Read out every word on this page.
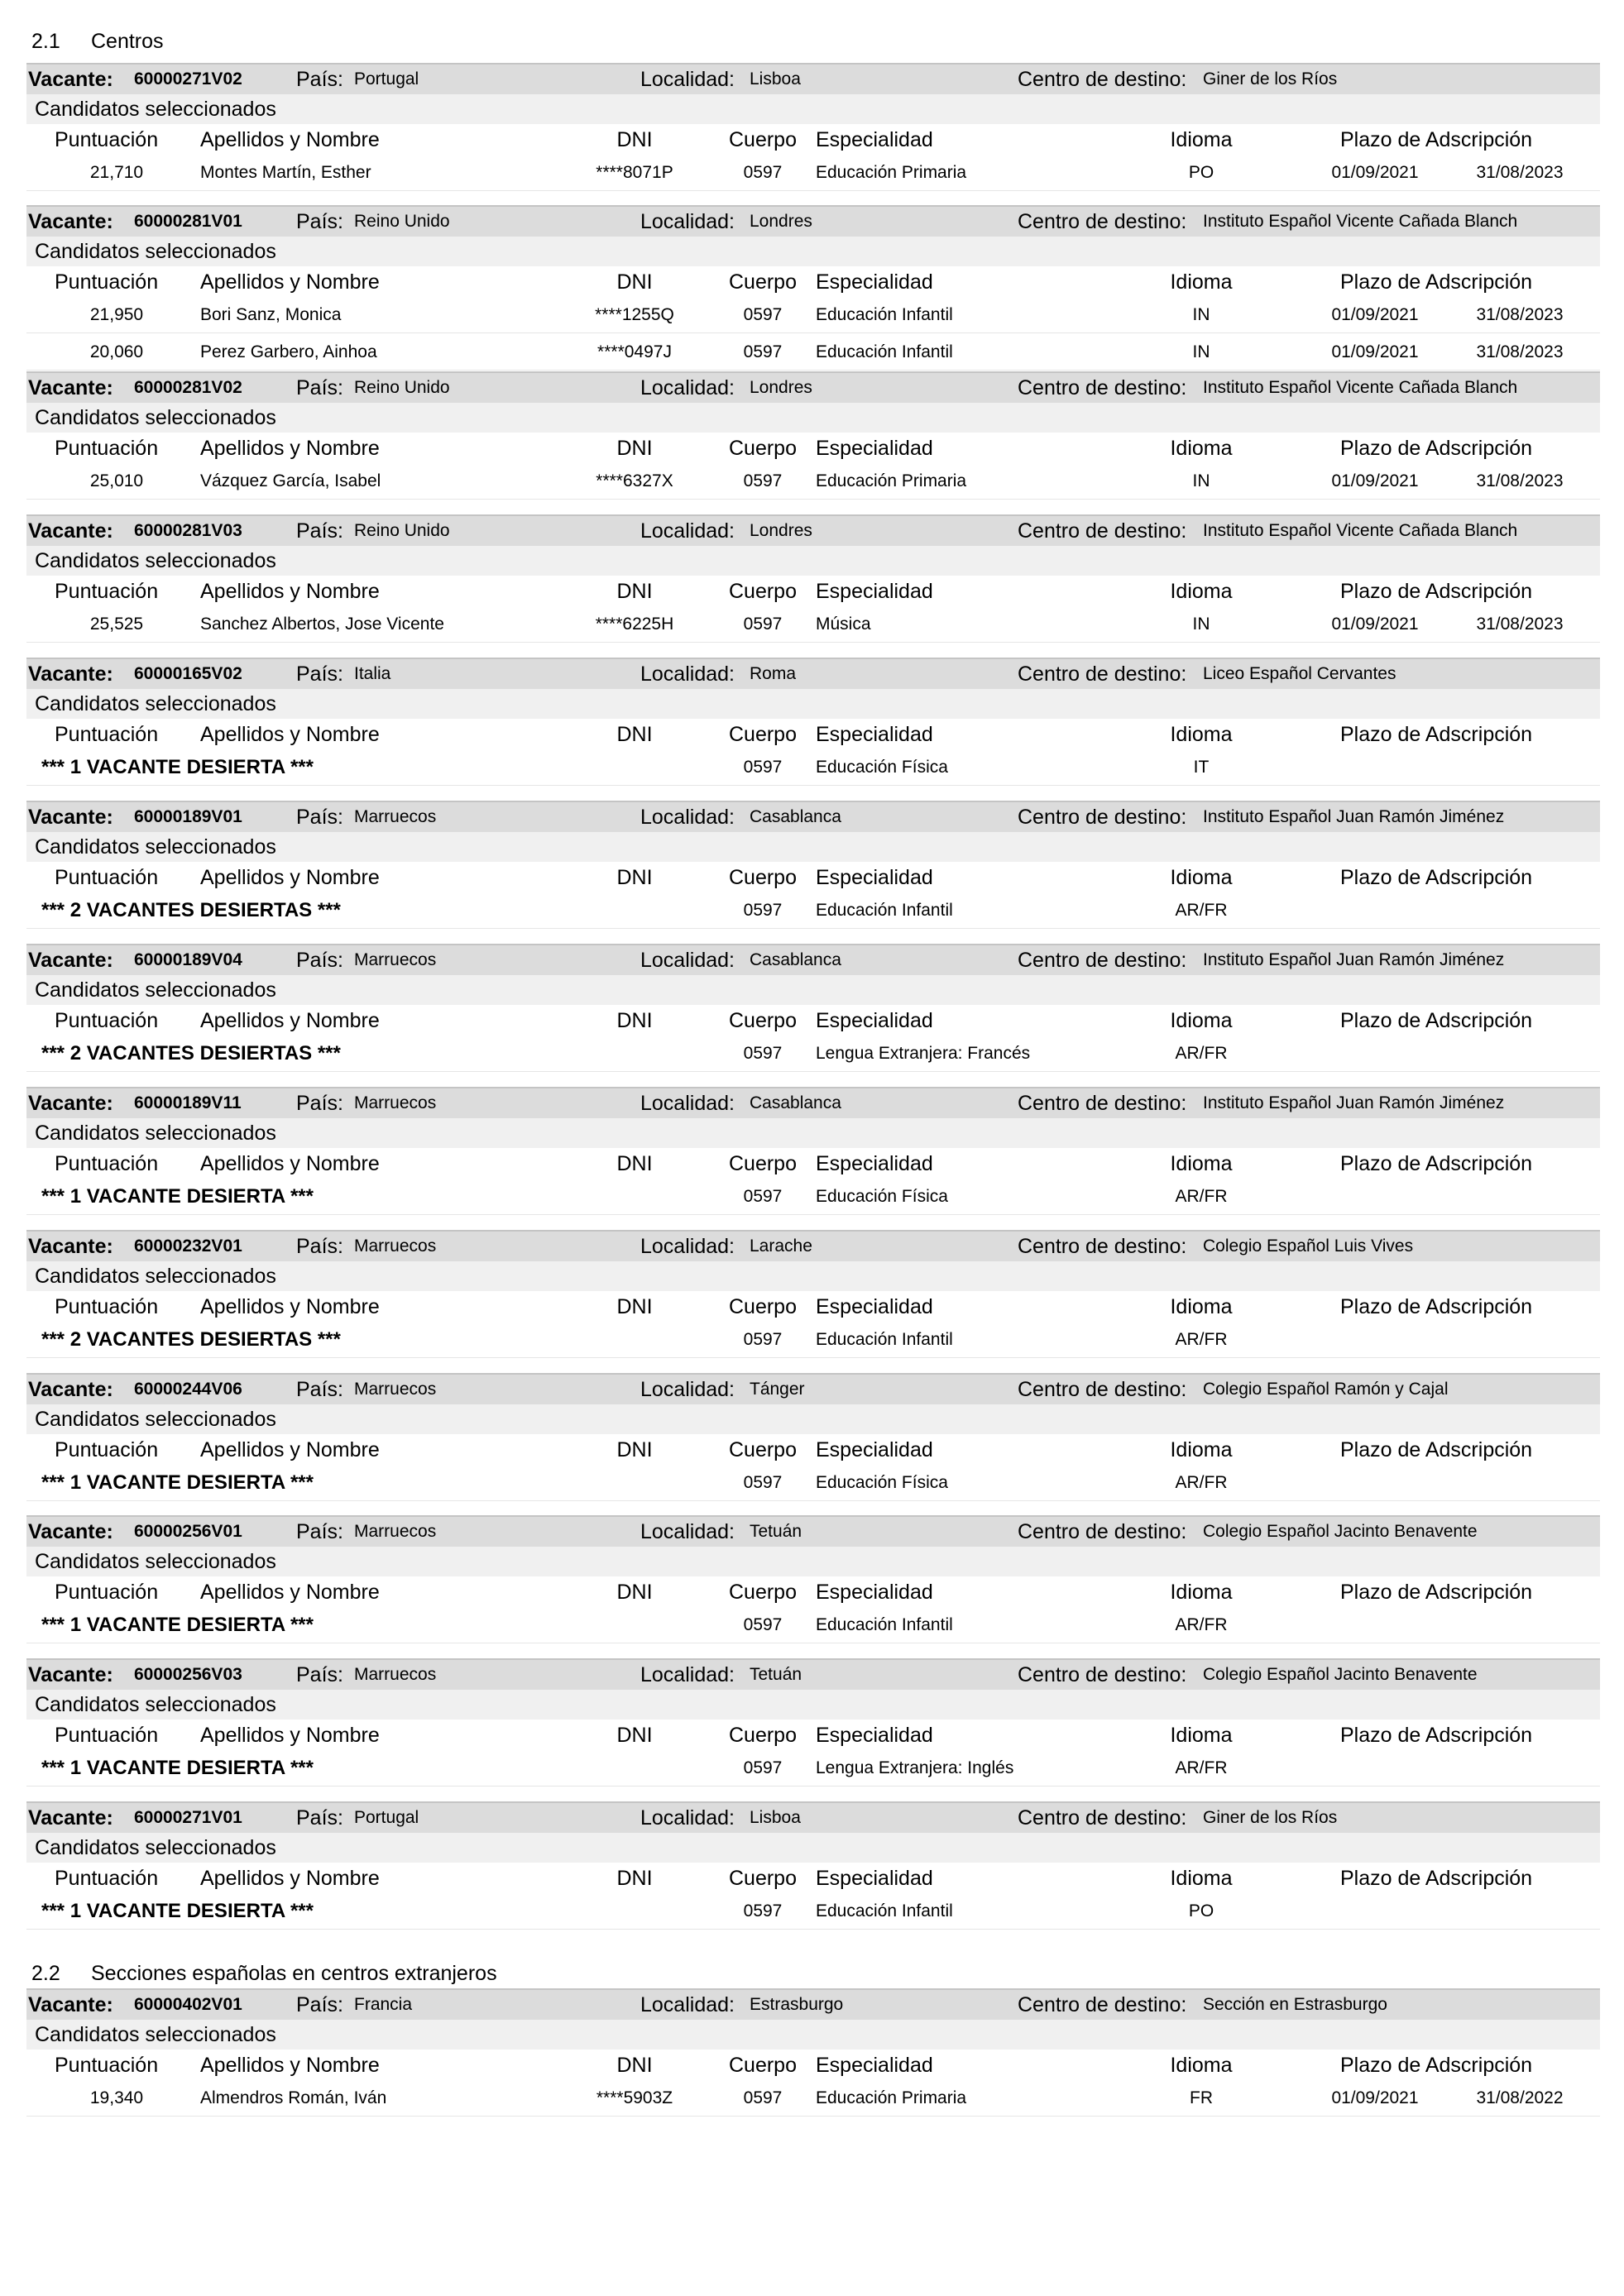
2.1 Centros
Vacante: 60000271V02	País: Portugal	Localidad: Lisboa	Centro de destino: Giner de los Ríos
Candidatos seleccionados
Puntuación	Apellidos y Nombre	DNI	Cuerpo Especialidad	Idioma	Plazo de Adscripción
21,710	Montes Martín, Esther	****8071P	0597	Educación Primaria	PO	01/09/2021	31/08/2023
Vacante: 60000281V01	País: Reino Unido	Localidad: Londres	Centro de destino: Instituto Español Vicente Cañada Blanch
Candidatos seleccionados
Puntuación	Apellidos y Nombre	DNI	Cuerpo Especialidad	Idioma	Plazo de Adscripción
21,950	Bori Sanz, Monica	****1255Q	0597	Educación Infantil	IN	01/09/2021	31/08/2023
20,060	Perez Garbero, Ainhoa	****0497J	0597	Educación Infantil	IN	01/09/2021	31/08/2023
Vacante: 60000281V02	País: Reino Unido	Localidad: Londres	Centro de destino: Instituto Español Vicente Cañada Blanch
Candidatos seleccionados
Puntuación	Apellidos y Nombre	DNI	Cuerpo Especialidad	Idioma	Plazo de Adscripción
25,010	Vázquez García, Isabel	****6327X	0597	Educación Primaria	IN	01/09/2021	31/08/2023
Vacante: 60000281V03	País: Reino Unido	Localidad: Londres	Centro de destino: Instituto Español Vicente Cañada Blanch
Candidatos seleccionados
Puntuación	Apellidos y Nombre	DNI	Cuerpo Especialidad	Idioma	Plazo de Adscripción
25,525	Sanchez Albertos, Jose Vicente	****6225H	0597	Música	IN	01/09/2021	31/08/2023
Vacante: 60000165V02	País: Italia	Localidad: Roma	Centro de destino: Liceo Español Cervantes
Candidatos seleccionados
Puntuación	Apellidos y Nombre	DNI	Cuerpo Especialidad	Idioma	Plazo de Adscripción
*** 1 VACANTE DESIERTA ***	0597	Educación Física	IT
Vacante: 60000189V01	País: Marruecos	Localidad: Casablanca	Centro de destino: Instituto Español Juan Ramón Jiménez
Candidatos seleccionados
Puntuación	Apellidos y Nombre	DNI	Cuerpo Especialidad	Idioma	Plazo de Adscripción
*** 2 VACANTES DESIERTAS ***	0597	Educación Infantil	AR/FR
Vacante: 60000189V04	País: Marruecos	Localidad: Casablanca	Centro de destino: Instituto Español Juan Ramón Jiménez
Candidatos seleccionados
Puntuación	Apellidos y Nombre	DNI	Cuerpo Especialidad	Idioma	Plazo de Adscripción
*** 2 VACANTES DESIERTAS ***	0597	Lengua Extranjera: Francés	AR/FR
Vacante: 60000189V11	País: Marruecos	Localidad: Casablanca	Centro de destino: Instituto Español Juan Ramón Jiménez
Candidatos seleccionados
Puntuación	Apellidos y Nombre	DNI	Cuerpo Especialidad	Idioma	Plazo de Adscripción
*** 1 VACANTE DESIERTA ***	0597	Educación Física	AR/FR
Vacante: 60000232V01	País: Marruecos	Localidad: Larache	Centro de destino: Colegio Español Luis Vives
Candidatos seleccionados
Puntuación	Apellidos y Nombre	DNI	Cuerpo Especialidad	Idioma	Plazo de Adscripción
*** 2 VACANTES DESIERTAS ***	0597	Educación Infantil	AR/FR
Vacante: 60000244V06	País: Marruecos	Localidad: Tánger	Centro de destino: Colegio Español Ramón y Cajal
Candidatos seleccionados
Puntuación	Apellidos y Nombre	DNI	Cuerpo Especialidad	Idioma	Plazo de Adscripción
*** 1 VACANTE DESIERTA ***	0597	Educación Física	AR/FR
Vacante: 60000256V01	País: Marruecos	Localidad: Tetuán	Centro de destino: Colegio Español Jacinto Benavente
Candidatos seleccionados
Puntuación	Apellidos y Nombre	DNI	Cuerpo Especialidad	Idioma	Plazo de Adscripción
*** 1 VACANTE DESIERTA ***	0597	Educación Infantil	AR/FR
Vacante: 60000256V03	País: Marruecos	Localidad: Tetuán	Centro de destino: Colegio Español Jacinto Benavente
Candidatos seleccionados
Puntuación	Apellidos y Nombre	DNI	Cuerpo Especialidad	Idioma	Plazo de Adscripción
*** 1 VACANTE DESIERTA ***	0597	Lengua Extranjera: Inglés	AR/FR
Vacante: 60000271V01	País: Portugal	Localidad: Lisboa	Centro de destino: Giner de los Ríos
Candidatos seleccionados
Puntuación	Apellidos y Nombre	DNI	Cuerpo Especialidad	Idioma	Plazo de Adscripción
*** 1 VACANTE DESIERTA ***	0597	Educación Infantil	PO
2.2 Secciones españolas en centros extranjeros
Vacante: 60000402V01	País: Francia	Localidad: Estrasburgo	Centro de destino: Sección en Estrasburgo
Candidatos seleccionados
Puntuación	Apellidos y Nombre	DNI	Cuerpo Especialidad	Idioma	Plazo de Adscripción
19,340	Almendros Román, Iván	****5903Z	0597	Educación Primaria	FR	01/09/2021	31/08/2022
